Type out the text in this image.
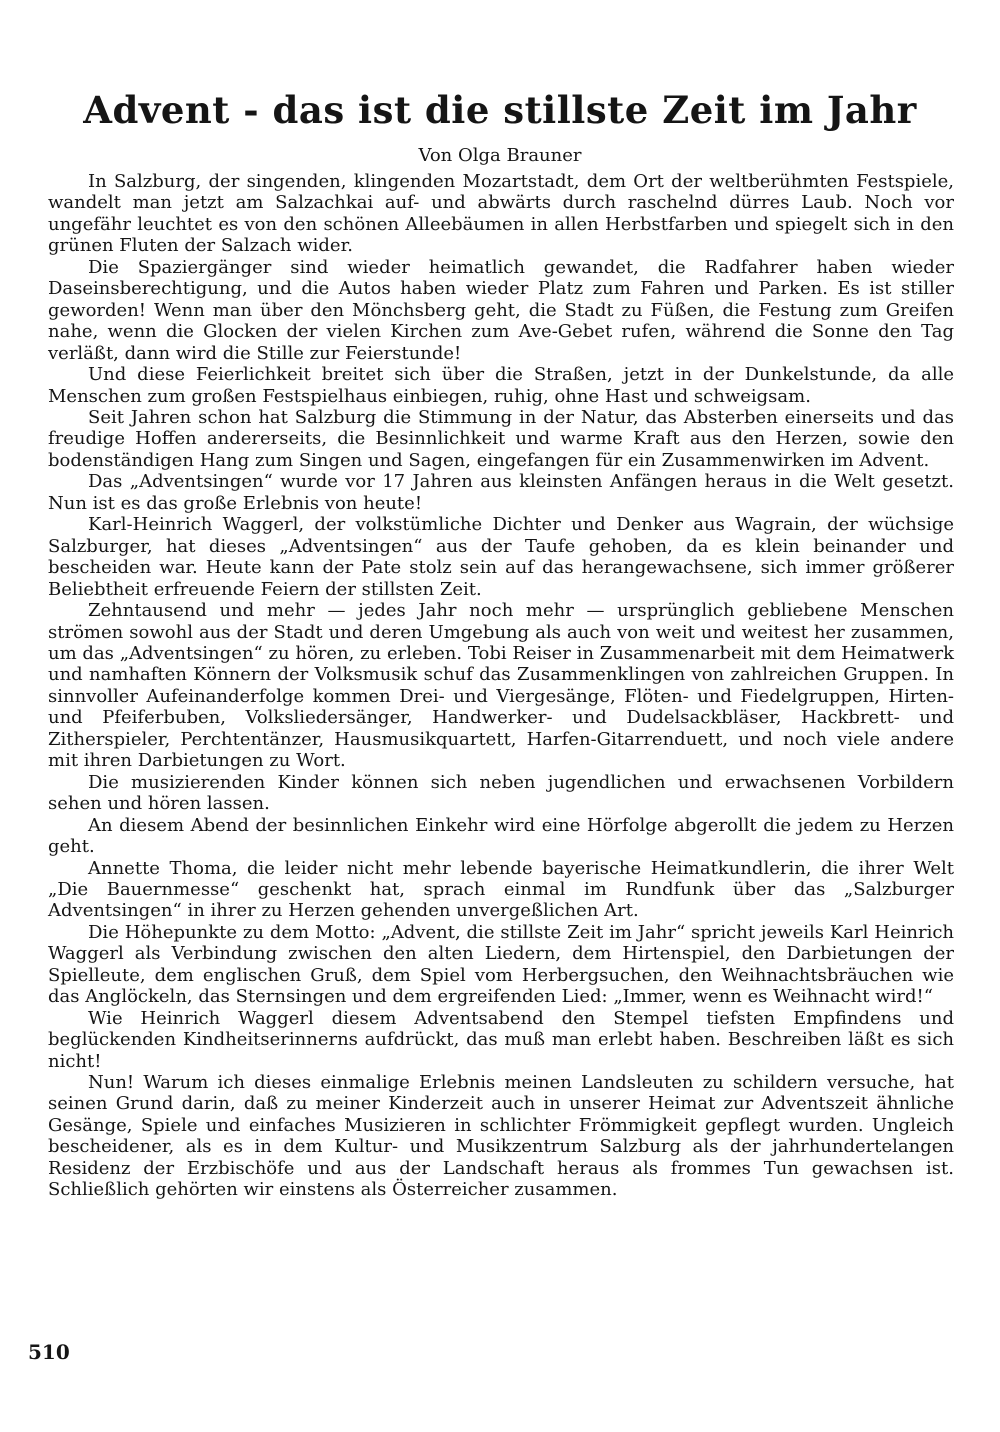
Advent - das ist die stillste Zeit im Jahr
Von Olga Brauner

In Salzburg, der singenden, klingenden Mozartstadt, dem Ort der weltberühmten Festspiele, wandelt man jetzt am Salzachkai auf- und abwärts durch raschelnd dürres Laub. Noch vor ungefähr leuchtet es von den schönen Alleebäumen in allen Herbstfarben und spiegelt sich in den grünen Fluten der Salzach wider.

Die Spaziergänger sind wieder heimatlich gewandet, die Radfahrer haben wieder Daseinsberechtigung, und die Autos haben wieder Platz zum Fahren und Parken. Es ist stiller geworden! Wenn man über den Mönchsberg geht, die Stadt zu Füßen, die Festung zum Greifen nahe, wenn die Glocken der vielen Kirchen zum Ave-Gebet rufen, während die Sonne den Tag verläßt, dann wird die Stille zur Feierstunde!

Und diese Feierlichkeit breitet sich über die Straßen, jetzt in der Dunkelstunde, da alle Menschen zum großen Festspielhaus einbiegen, ruhig, ohne Hast und schweigsam.

Seit Jahren schon hat Salzburg die Stimmung in der Natur, das Absterben einerseits und das freudige Hoffen andererseits, die Besinnlichkeit und warme Kraft aus den Herzen, sowie den bodenständigen Hang zum Singen und Sagen, eingefangen für ein Zusammenwirken im Advent.

Das „Adventsingen“ wurde vor 17 Jahren aus kleinsten Anfängen heraus in die Welt gesetzt. Nun ist es das große Erlebnis von heute!

Karl-Heinrich Waggerl, der volkstümliche Dichter und Denker aus Wagrain, der wüchsige Salzburger, hat dieses „Adventsingen“ aus der Taufe gehoben, da es klein beinander und bescheiden war. Heute kann der Pate stolz sein auf das herangewachsene, sich immer größerer Beliebtheit erfreuende Feiern der stillsten Zeit.

Zehntausend und mehr — jedes Jahr noch mehr — ursprünglich gebliebene Menschen strömen sowohl aus der Stadt und deren Umgebung als auch von weit und weitest her zusammen, um das „Adventsingen“ zu hören, zu erleben. Tobi Reiser in Zusammenarbeit mit dem Heimatwerk und namhaften Könnern der Volksmusik schuf das Zusammenklingen von zahlreichen Gruppen. In sinnvoller Aufeinanderfolge kommen Drei- und Viergesänge, Flöten- und Fiedelgruppen, Hirten- und Pfeiferbuben, Volksliedersänger, Handwerker- und Dudelsackbläser, Hackbrett- und Zitherspieler, Perchtentänzer, Hausmusikquartett, Harfen-Gitarrenduett, und noch viele andere mit ihren Darbietungen zu Wort.

Die musizierenden Kinder können sich neben jugendlichen und erwachsenen Vorbildern sehen und hören lassen.

An diesem Abend der besinnlichen Einkehr wird eine Hörfolge abgerollt die jedem zu Herzen geht.

Annette Thoma, die leider nicht mehr lebende bayerische Heimatkundlerin, die ihrer Welt „Die Bauernmesse“ geschenkt hat, sprach einmal im Rundfunk über das „Salzburger Adventsingen“ in ihrer zu Herzen gehenden unvergeßlichen Art.

Die Höhepunkte zu dem Motto: „Advent, die stillste Zeit im Jahr“ spricht jeweils Karl Heinrich Waggerl als Verbindung zwischen den alten Liedern, dem Hirtenspiel, den Darbietungen der Spielleute, dem englischen Gruß, dem Spiel vom Herbergsuchen, den Weihnachtsbräuchen wie das Anglöckeln, das Sternsingen und dem ergreifenden Lied: „Immer, wenn es Weihnacht wird!“

Wie Heinrich Waggerl diesem Adventsabend den Stempel tiefsten Empfindens und beglückenden Kindheitserinnerns aufdrückt, das muß man erlebt haben. Beschreiben läßt es sich nicht!

Nun! Warum ich dieses einmalige Erlebnis meinen Landsleuten zu schildern versuche, hat seinen Grund darin, daß zu meiner Kinderzeit auch in unserer Heimat zur Adventszeit ähnliche Gesänge, Spiele und einfaches Musizieren in schlichter Frömmigkeit gepflegt wurden. Ungleich bescheidener, als es in dem Kultur- und Musikzentrum Salzburg als der jahrhundertelangen Residenz der Erzbischöfe und aus der Landschaft heraus als frommes Tun gewachsen ist. Schließlich gehörten wir einstens als Österreicher zusammen.

510
